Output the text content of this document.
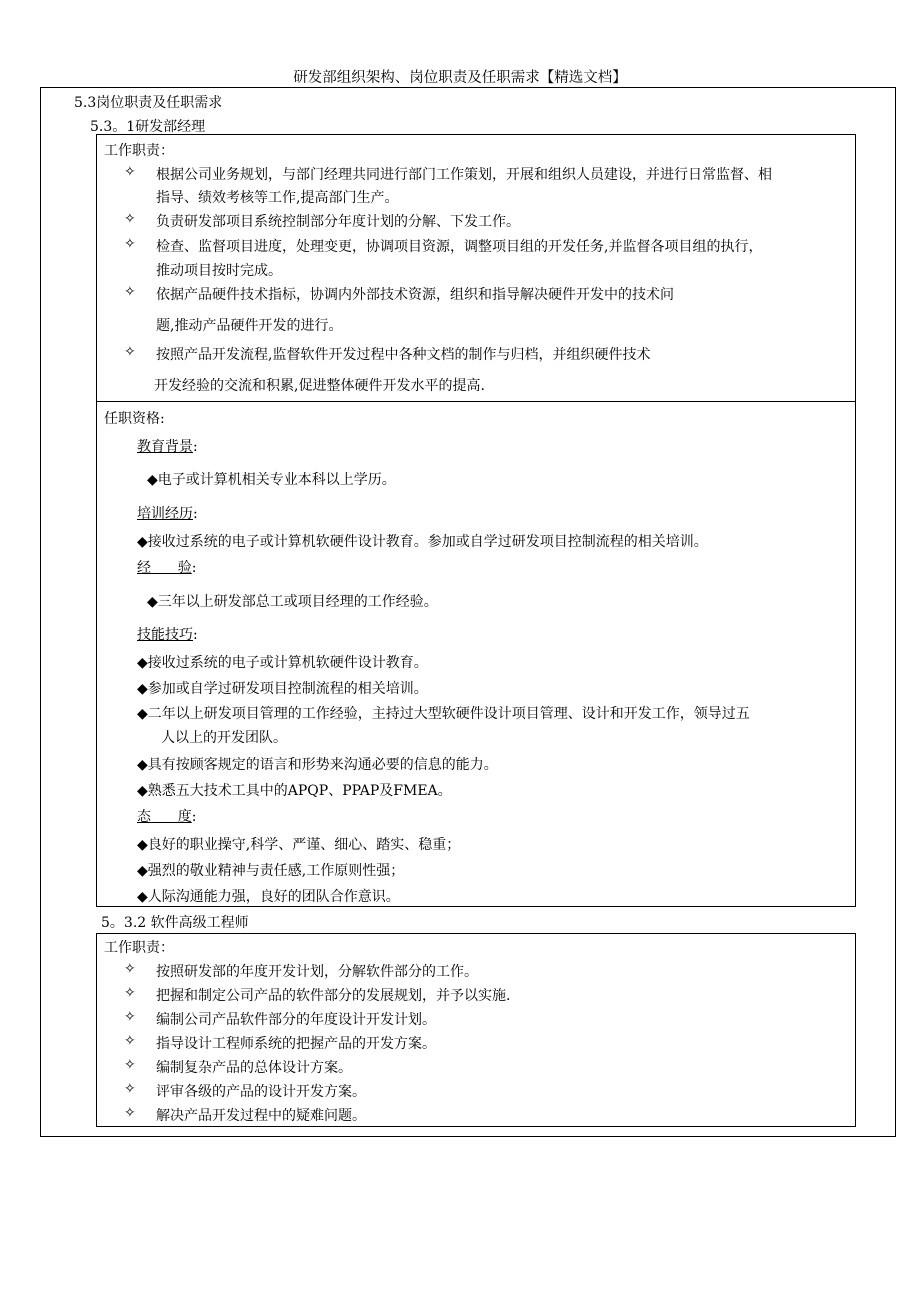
研发部组织架构、岗位职责及任职需求【精选文档】
5.3岗位职责及任职需求
5.3。1研发部经理
工作职责：
✧ 根据公司业务规划，与部门经理共同进行部门工作策划，开展和组织人员建设，并进行日常监督、相
指导、绩效考核等工作,提高部门生产。
✧ 负责研发部项目系统控制部分年度计划的分解、下发工作。
✧ 检查、监督项目进度，处理变更，协调项目资源，调整项目组的开发任务,并监督各项目组的执行，
推动项目按时完成。
✧ 依据产品硬件技术指标，协调内外部技术资源，组织和指导解决硬件开发中的技术问
题,推动产品硬件开发的进行。
✧ 按照产品开发流程,监督软件开发过程中各种文档的制作与归档，并组织硬件技术
开发经验的交流和积累,促进整体硬件开发水平的提高.
任职资格:
教育背景:
◆电子或计算机相关专业本科以上学历。
培训经历:
◆接收过系统的电子或计算机软硬件设计教育。参加或自学过研发项目控制流程的相关培训。
经      验:
◆三年以上研发部总工或项目经理的工作经验。
技能技巧:
◆接收过系统的电子或计算机软硬件设计教育。
◆参加或自学过研发项目控制流程的相关培训。
◆二年以上研发项目管理的工作经验，主持过大型软硬件设计项目管理、设计和开发工作，领导过五
人以上的开发团队。
◆具有按顾客规定的语言和形势来沟通必要的信息的能力。
◆熟悉五大技术工具中的APQP、PPAP及FMEA。
态      度:
◆良好的职业操守,科学、严谨、细心、踏实、稳重；
◆强烈的敬业精神与责任感,工作原则性强；
◆人际沟通能力强，良好的团队合作意识。
5。3.2 软件高级工程师
工作职责：
✧ 按照研发部的年度开发计划，分解软件部分的工作。
✧ 把握和制定公司产品的软件部分的发展规划，并予以实施.
✧ 编制公司产品软件部分的年度设计开发计划。
✧ 指导设计工程师系统的把握产品的开发方案。
✧ 编制复杂产品的总体设计方案。
✧ 评审各级的产品的设计开发方案。
✧ 解决产品开发过程中的疑难问题。
